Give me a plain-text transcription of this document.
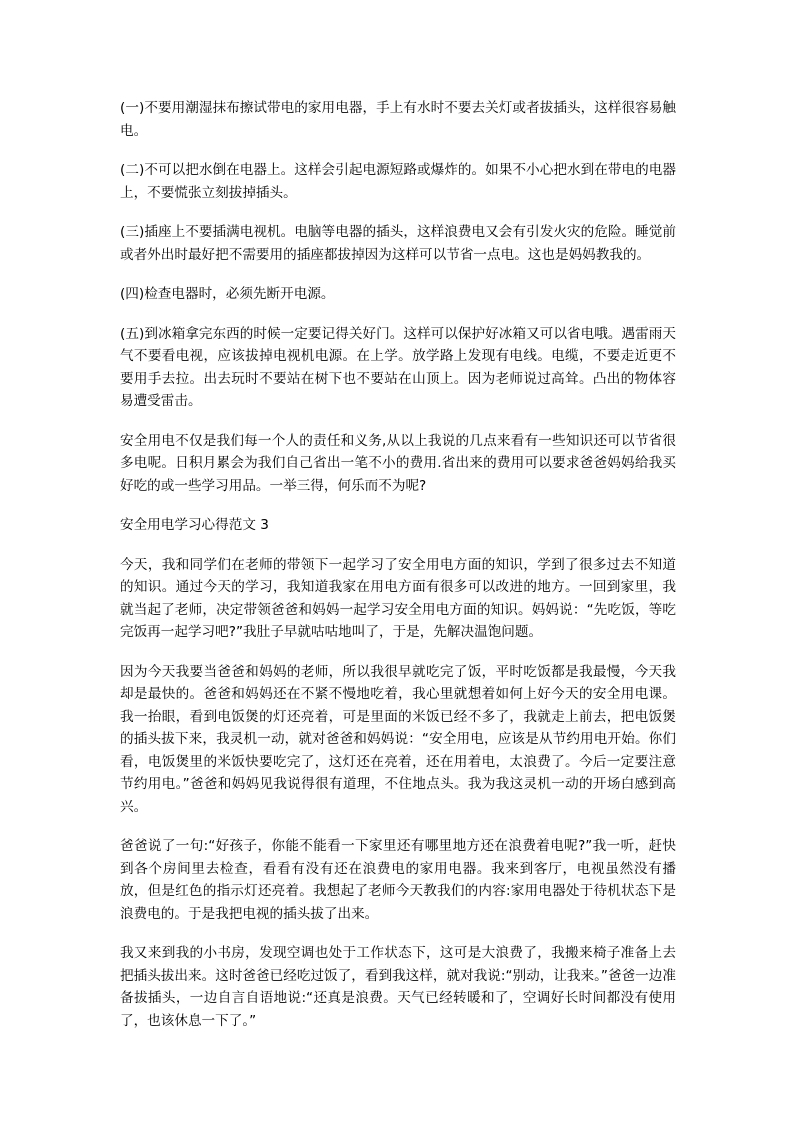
(一)不要用潮湿抹布擦试带电的家用电器，手上有水时不要去关灯或者拔插头，这样很容易触电。

(二)不可以把水倒在电器上。这样会引起电源短路或爆炸的。如果不小心把水到在带电的电器上，不要慌张立刻拔掉插头。

(三)插座上不要插满电视机。电脑等电器的插头，这样浪费电又会有引发火灾的危险。睡觉前或者外出时最好把不需要用的插座都拔掉因为这样可以节省一点电。这也是妈妈教我的。

(四)检查电器时，必须先断开电源。

(五)到冰箱拿完东西的时候一定要记得关好门。这样可以保护好冰箱又可以省电哦。遇雷雨天气不要看电视，应该拔掉电视机电源。在上学。放学路上发现有电线。电缆，不要走近更不要用手去拉。出去玩时不要站在树下也不要站在山顶上。因为老师说过高耸。凸出的物体容易遭受雷击。

安全用电不仅是我们每一个人的责任和义务,从以上我说的几点来看有一些知识还可以节省很多电呢。日积月累会为我们自己省出一笔不小的费用.省出来的费用可以要求爸爸妈妈给我买好吃的或一些学习用品。一举三得，何乐而不为呢?

安全用电学习心得范文 3

今天，我和同学们在老师的带领下一起学习了安全用电方面的知识，学到了很多过去不知道的知识。通过今天的学习，我知道我家在用电方面有很多可以改进的地方。一回到家里，我就当起了老师，决定带领爸爸和妈妈一起学习安全用电方面的知识。妈妈说：“先吃饭，等吃完饭再一起学习吧?”我肚子早就咕咕地叫了，于是，先解决温饱问题。

因为今天我要当爸爸和妈妈的老师，所以我很早就吃完了饭，平时吃饭都是我最慢，今天我却是最快的。爸爸和妈妈还在不紧不慢地吃着，我心里就想着如何上好今天的安全用电课。我一抬眼，看到电饭煲的灯还亮着，可是里面的米饭已经不多了，我就走上前去，把电饭煲的插头拔下来，我灵机一动，就对爸爸和妈妈说：“安全用电，应该是从节约用电开始。你们看，电饭煲里的米饭快要吃完了，这灯还在亮着，还在用着电，太浪费了。今后一定要注意节约用电。”爸爸和妈妈见我说得很有道理，不住地点头。我为我这灵机一动的开场白感到高兴。

爸爸说了一句:“好孩子，你能不能看一下家里还有哪里地方还在浪费着电呢?”我一听，赶快到各个房间里去检查，看看有没有还在浪费电的家用电器。我来到客厅，电视虽然没有播放，但是红色的指示灯还亮着。我想起了老师今天教我们的内容:家用电器处于待机状态下是浪费电的。于是我把电视的插头拔了出来。

我又来到我的小书房，发现空调也处于工作状态下，这可是大浪费了，我搬来椅子准备上去把插头拔出来。这时爸爸已经吃过饭了，看到我这样，就对我说:“别动，让我来。”爸爸一边准备拔插头，一边自言自语地说:“还真是浪费。天气已经转暖和了，空调好长时间都没有使用了，也该休息一下了。”
